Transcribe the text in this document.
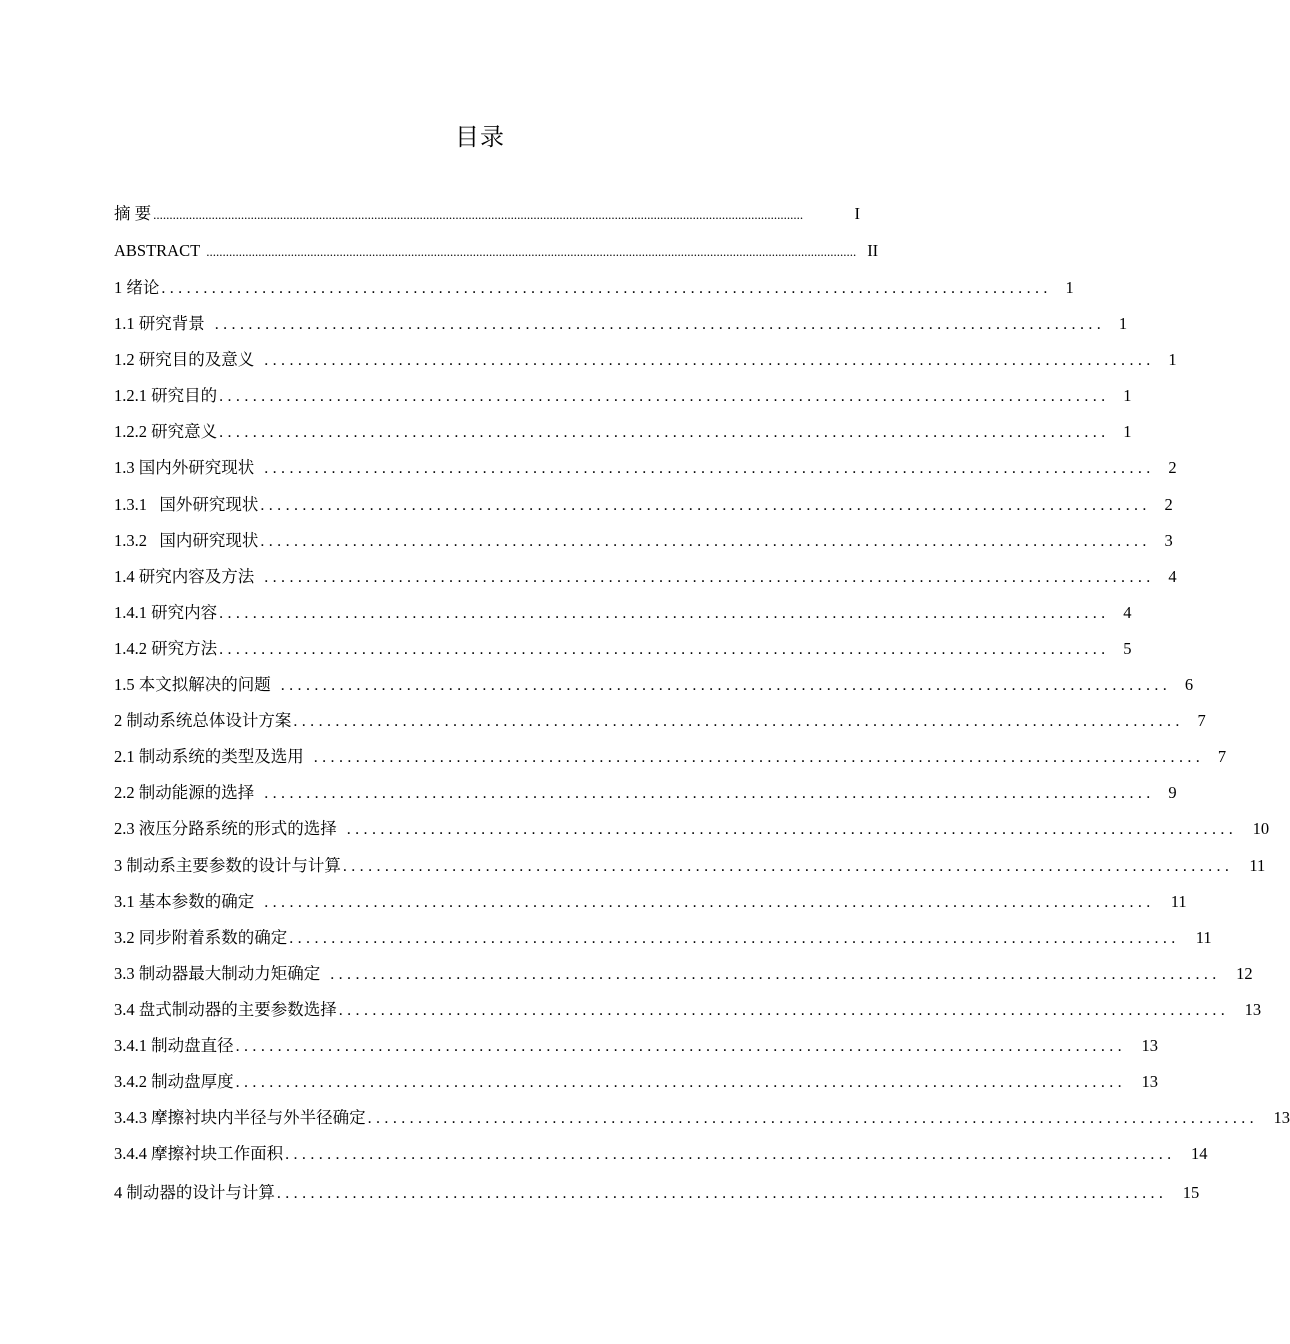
目录
摘 要 ........................................................................................................................................................................................................	I
ABSTRACT ........................................................................................................................................................................................................ II
1 绪论 .......................................................................................................... 1
1.1 研究背景 .......................................................................................................... 1
1.2 研究目的及意义 .......................................................................................................... 1
1.2.1 研究目的 .......................................................................................................... 1
1.2.2 研究意义 .......................................................................................................... 1
1.3 国内外研究现状 .......................................................................................................... 2
1.3.1   国外研究现状 .......................................................................................................... 2
1.3.2   国内研究现状 .......................................................................................................... 3
1.4 研究内容及方法 .......................................................................................................... 4
1.4.1 研究内容 .......................................................................................................... 4
1.4.2 研究方法 .......................................................................................................... 5
1.5 本文拟解决的问题 .......................................................................................................... 6
2 制动系统总体设计方案 .......................................................................................................... 7
2.1 制动系统的类型及选用 .......................................................................................................... 7
2.2 制动能源的选择 .......................................................................................................... 9
2.3 液压分路系统的形式的选择 .......................................................................................................... 10
3 制动系主要参数的设计与计算 .......................................................................................................... 11
3.1 基本参数的确定 .......................................................................................................... 11
3.2 同步附着系数的确定 .......................................................................................................... 11
3.3 制动器最大制动力矩确定 .......................................................................................................... 12
3.4 盘式制动器的主要参数选择 .......................................................................................................... 13
3.4.1 制动盘直径 .......................................................................................................... 13
3.4.2 制动盘厚度 .......................................................................................................... 13
3.4.3 摩擦衬块内半径与外半径确定 .......................................................................................................... 13
3.4.4 摩擦衬块工作面积 .......................................................................................................... 14
4 制动器的设计与计算 .......................................................................................................... 15
